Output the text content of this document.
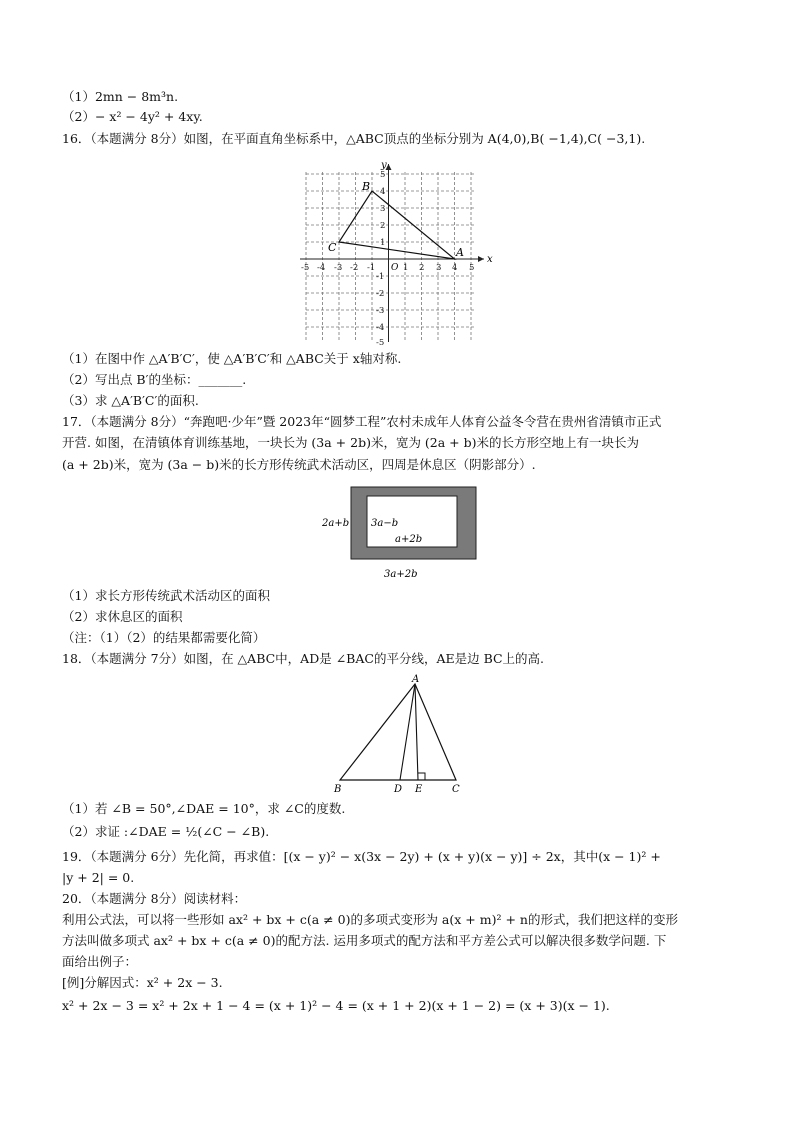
（1）2mn − 8m³n.
（2）− x² − 4y² + 4xy.
16．（本题满分 8分）如图，在平面直角坐标系中，△ABC顶点的坐标分别为 A(4,0),B( −1,4),C( −3,1).
x
y
O
-5 -4 -3 -2 -1	1 2 3 4 5
5
4
3
2
1
-1
-2
-3
-4
-5
A
B
C
（1）在图中作 △A′B′C′，使 △A′B′C′和 △ABC关于 x轴对称.
（2）写出点 B′的坐标：_______.
（3）求 △A′B′C′的面积.
17．（本题满分 8分）“奔跑吧·少年”暨 2023年“圆梦工程”农村未成年人体育公益冬令营在贵州省清镇市正式
开营. 如图，在清镇体育训练基地，一块长为 (3a + 2b)米，宽为 (2a + b)米的长方形空地上有一块长为
(a + 2b)米，宽为 (3a − b)米的长方形传统武术活动区，四周是休息区（阴影部分）.
2a+b 3a−b
a+2b
3a+2b
（1）求长方形传统武术活动区的面积
（2）求休息区的面积
（注：（1）（2）的结果都需要化简）
18．（本题满分 7分）如图，在 △ABC中，AD是 ∠BAC的平分线，AE是边 BC上的高.
A
B	C
D E
（1）若 ∠B = 50°,∠DAE = 10°，求 ∠C的度数.
（2）求证 :∠DAE = ½(∠C − ∠B).
19．（本题满分 6分）先化简，再求值：[(x − y)² − x(3x − 2y) + (x + y)(x − y)] ÷ 2x，其中(x − 1)² +
|y + 2| = 0.
20．（本题满分 8分）阅读材料：
利用公式法，可以将一些形如 ax² + bx + c(a ≠ 0)的多项式变形为 a(x + m)² + n的形式，我们把这样的变形
方法叫做多项式 ax² + bx + c(a ≠ 0)的配方法. 运用多项式的配方法和平方差公式可以解决很多数学问题. 下
面给出例子：
[例]分解因式：x² + 2x − 3.
x² + 2x − 3 = x² + 2x + 1 − 4 = (x + 1)² − 4 = (x + 1 + 2)(x + 1 − 2) = (x + 3)(x − 1).
